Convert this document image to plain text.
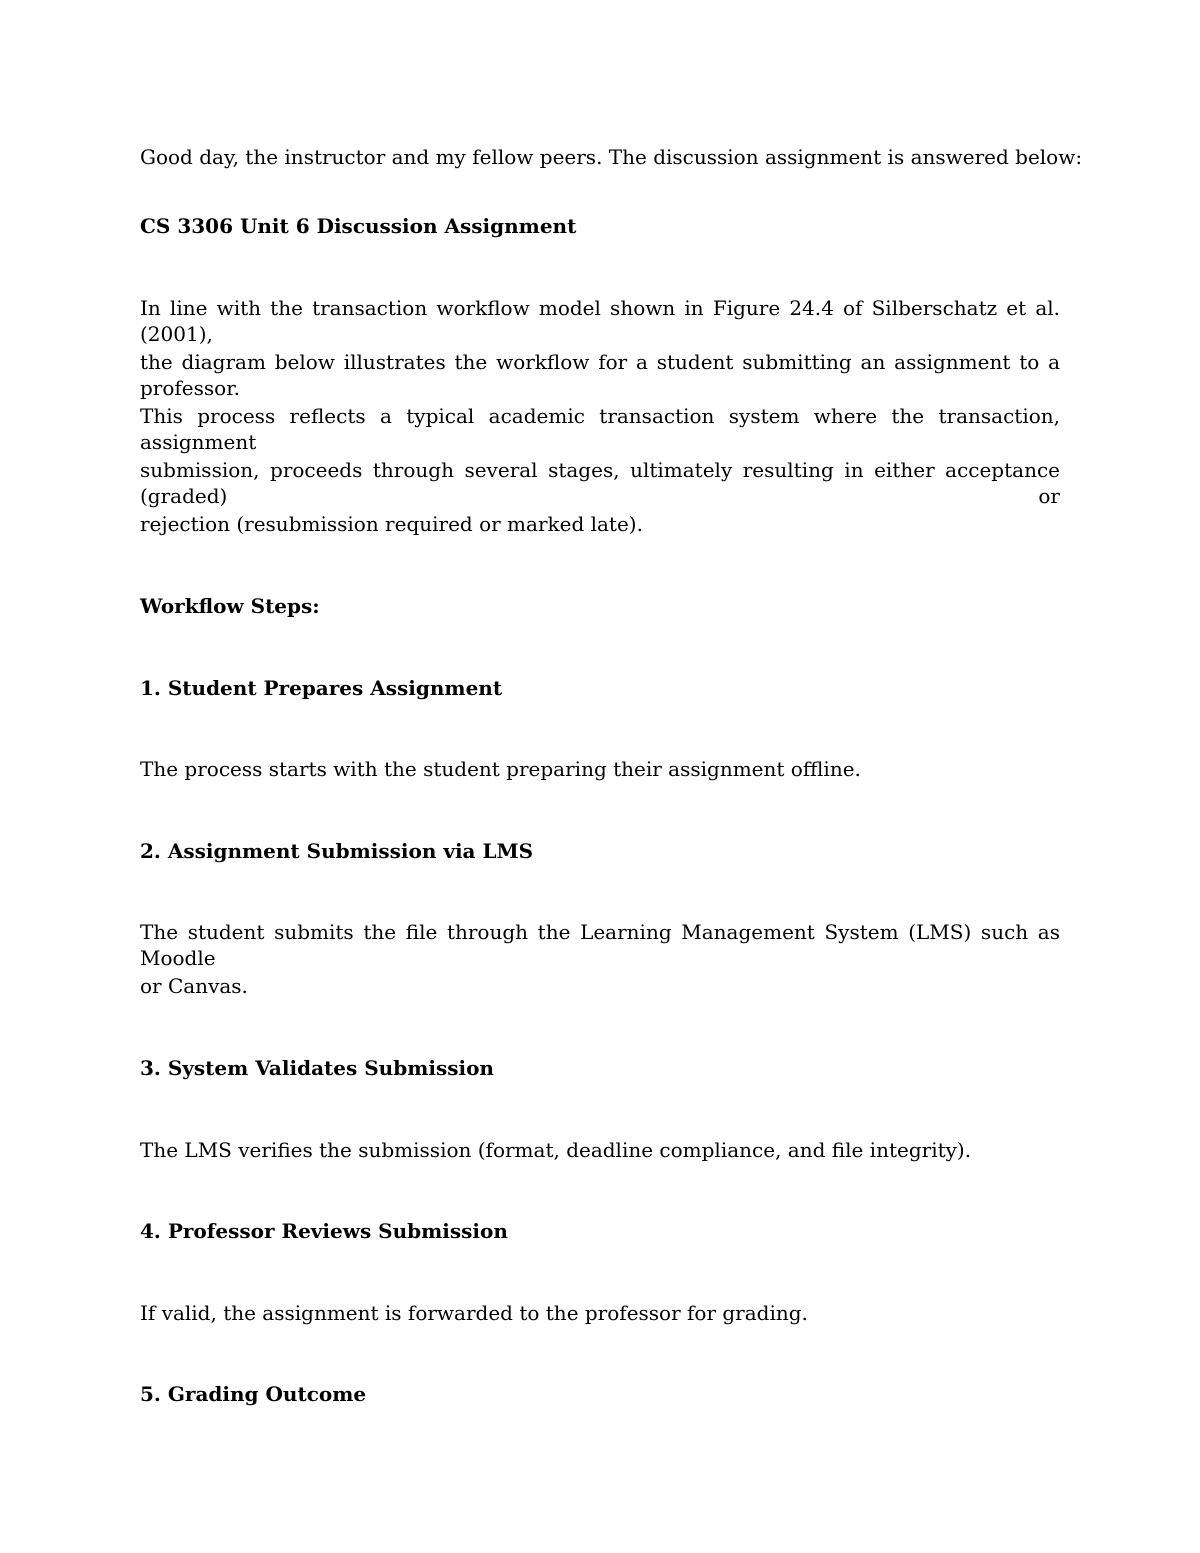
Good day, the instructor and my fellow peers. The discussion assignment is answered below:

CS 3306 Unit 6 Discussion Assignment

In line with the transaction workflow model shown in Figure 24.4 of Silberschatz et al. (2001),

the diagram below illustrates the workflow for a student submitting an assignment to a professor.

This process reflects a typical academic transaction system where the transaction, assignment

submission, proceeds through several stages, ultimately resulting in either acceptance (graded) or

rejection (resubmission required or marked late).

Workflow Steps:

1. Student Prepares Assignment

The process starts with the student preparing their assignment offline.

2. Assignment Submission via LMS

The student submits the file through the Learning Management System (LMS) such as Moodle

or Canvas.

3. System Validates Submission

The LMS verifies the submission (format, deadline compliance, and file integrity).

4. Professor Reviews Submission

If valid, the assignment is forwarded to the professor for grading.

5. Grading Outcome
